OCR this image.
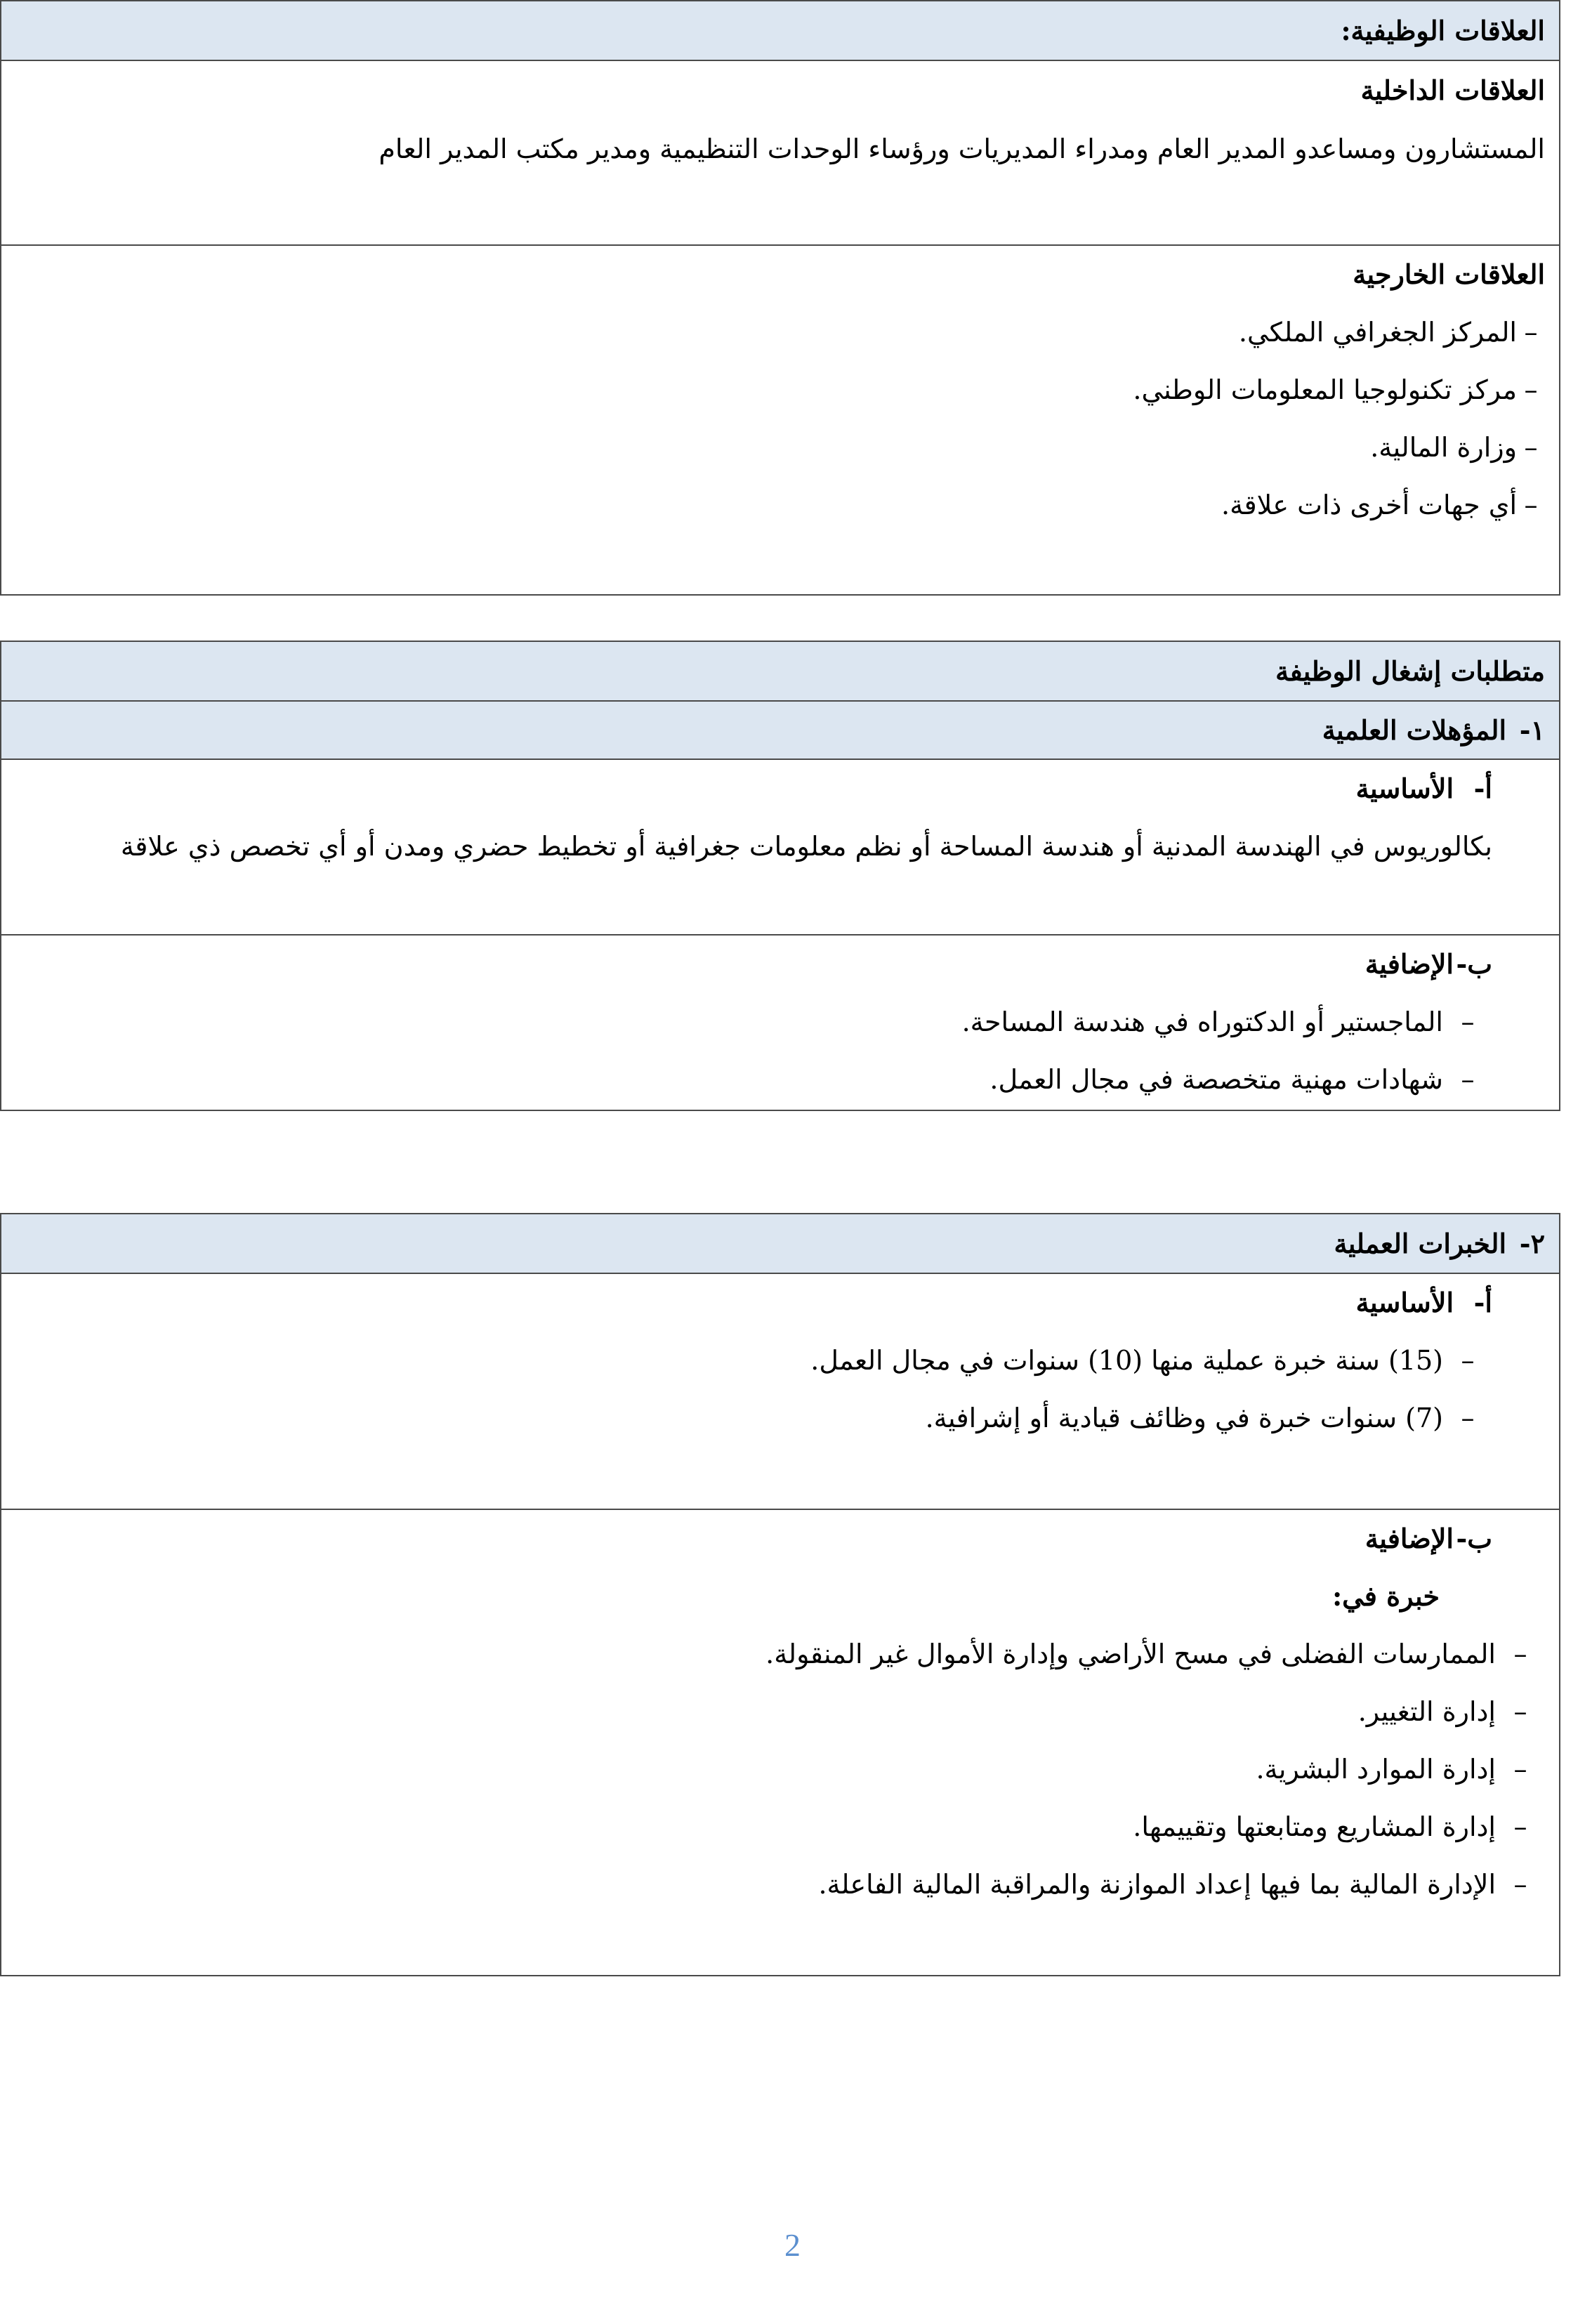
العلاقات الوظيفية:
العلاقات الداخلية
المستشارون ومساعدو المدير العام ومدراء المديريات ورؤساء الوحدات التنظيمية ومدير مكتب المدير العام
العلاقات الخارجية
–المركز الجغرافي الملكي.
–مركز تكنولوجيا المعلومات الوطني.
–وزارة المالية.
–أي جهات أخرى ذات علاقة.
متطلبات إشغال الوظيفة
١-
المؤهلات العلمية
أ-الأساسية
بكالوريوس في الهندسة المدنية أو هندسة المساحة أو نظم معلومات جغرافية أو تخطيط حضري ومدن أو أي تخصص ذي علاقة
ب-الإضافية
–
الماجستير أو الدكتوراه في هندسة المساحة.
–
شهادات مهنية متخصصة في مجال العمل.
٢-
الخبرات العملية
أ-الأساسية
–
(15) سنة خبرة عملية منها (10) سنوات في مجال العمل.
–
(7) سنوات خبرة في وظائف قيادية أو إشرافية.
ب-الإضافية
خبرة في:
–
الممارسات الفضلى في مسح الأراضي وإدارة الأموال غير المنقولة.
–
إدارة التغيير.
–
إدارة الموارد البشرية.
–
إدارة المشاريع ومتابعتها وتقييمها.
–
الإدارة المالية بما فيها إعداد الموازنة والمراقبة المالية الفاعلة.
2
